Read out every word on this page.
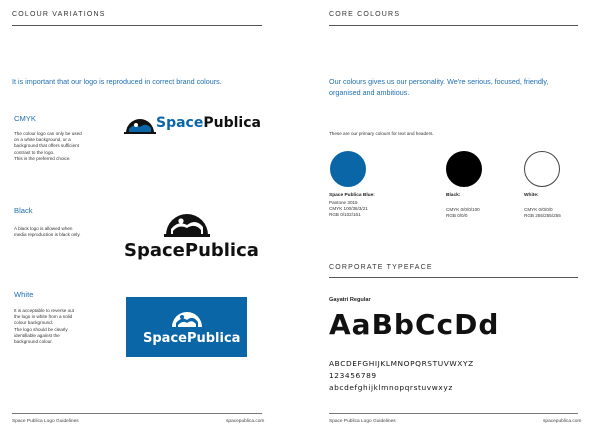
COLOUR VARIATIONS
It is important that our logo is reproduced in correct brand colours.
CMYK
The colour logo can only be used
on a white background, or a
background that offers sufficient
contrast to the logo.
This is the preferred choice.
SpacePublica
Black
A black logo is allowed when
media reproduction is black only.
SpacePublica
White
It is acceptable to reverse out
the logo in white from a solid
colour background.
The logo should be clearly
identifiable against the
background colour.	SpacePublica
Space Publica Logo Guidelines	spacepublica.com
CORE COLOURS
Our colours gives us our personality. We're serious, focused, friendly,
organised and ambitious.
These are our primary colours for text and headers.
Space Publica Blue:
Pantone 3015
CMYK 100/36/3/21
RGB 0/102/161
Black:
CMYK 0/0/0/100
RGB 0/0/0
White:
CMYK 0/0/0/0
RGB 255/255/255
CORPORATE TYPEFACE
Gayatri Regular
AaBbCcDd
ABCDEFGHIJKLMNOPQRSTUVWXYZ
123456789
abcdefghijklmnopqrstuvwxyz
Space Publica Logo Guidelines	spacepublica.com
